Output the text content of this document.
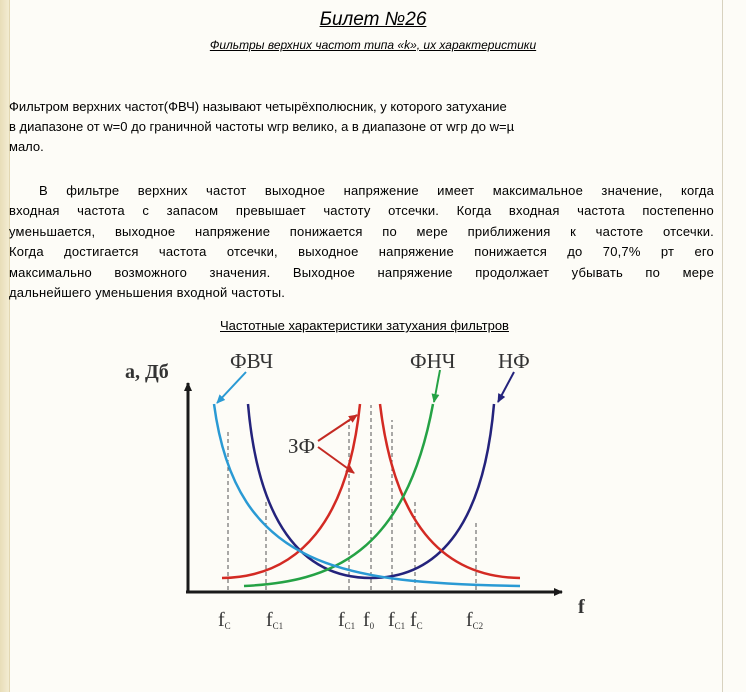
Билет №26
Фильтры верхних частот типа «k», их характеристики
Фильтром верхних частот(ФВЧ) называют четырёхполюсник, у которого затухание
в диапазоне от w=0 до граничной частоты wгр велико, а в диапазоне от wгр до w=µ
мало.
В фильтре верхних частот выходное напряжение имеет максимальное значение, когда
входная частота с запасом превышает частоту отсечки. Когда входная частота постепенно
уменьшается, выходное напряжение понижается по мере приближения к частоте отсечки.
Когда достигается частота отсечки, выходное напряжение понижается до 70,7% рт его
максимально возможного значения. Выходное напряжение продолжает убывать по мере
дальнейшего уменьшения входной частоты.
Частотные характеристики затухания фильтров
a, Дб	ФВЧ	ФНЧ НФ
ЗФ
f
fC fC1	fC1 f0 fC1 fC fC2
